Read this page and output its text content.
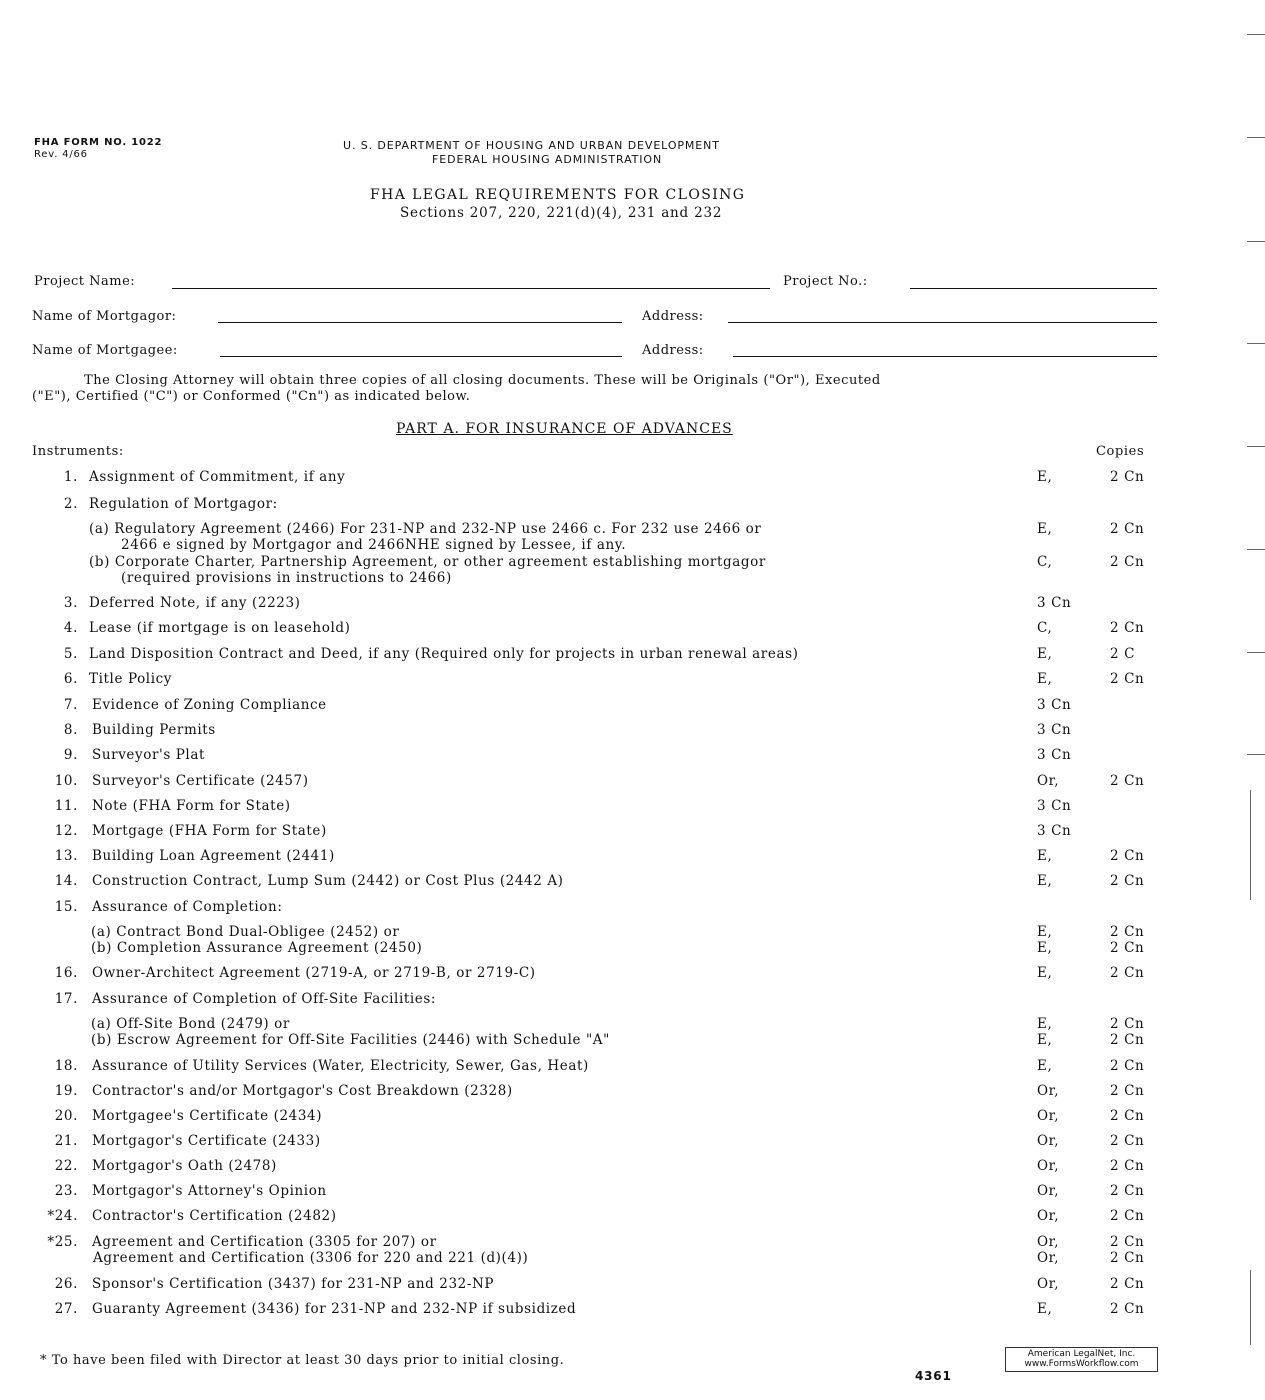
FHA FORM NO. 1022
Rev. 4/66
U. S. DEPARTMENT OF HOUSING AND URBAN DEVELOPMENT
FEDERAL HOUSING ADMINISTRATION
FHA LEGAL REQUIREMENTS FOR CLOSING
Sections 207, 220, 221(d)(4), 231 and 232
Project Name:	Project No.:
Name of Mortgagor:	Address:
Name of Mortgagee:	Address:
The Closing Attorney will obtain three copies of all closing documents. These will be Originals ("Or"), Executed
("E"), Certified ("C") or Conformed ("Cn") as indicated below.
PART A. FOR INSURANCE OF ADVANCES
Instruments:	Copies
1. Assignment of Commitment, if any	E,	2 Cn
2. Regulation of Mortgagor:
(a) Regulatory Agreement (2466) For 231-NP and 232-NP use 2466 c. For 232 use 2466 or
2466 e signed by Mortgagor and 2466NHE signed by Lessee, if any.
E,	2 Cn
(b) Corporate Charter, Partnership Agreement, or other agreement establishing mortgagor
(required provisions in instructions to 2466)
C,	2 Cn
3. Deferred Note, if any (2223)	3 Cn
4. Lease (if mortgage is on leasehold)	C,	2 Cn
5. Land Disposition Contract and Deed, if any (Required only for projects in urban renewal areas)	E,	2 C
6. Title Policy	E,	2 Cn
7. Evidence of Zoning Compliance	3 Cn
8. Building Permits	3 Cn
9. Surveyor's Plat	3 Cn
10. Surveyor's Certificate (2457)	Or,	2 Cn
11. Note (FHA Form for State)	3 Cn
12. Mortgage (FHA Form for State)	3 Cn
13. Building Loan Agreement (2441)	E,	2 Cn
14. Construction Contract, Lump Sum (2442) or Cost Plus (2442 A)	E,	2 Cn
15. Assurance of Completion:
(a) Contract Bond Dual-Obligee (2452) or	E,	2 Cn
(b) Completion Assurance Agreement (2450)	E,	2 Cn
16. Owner-Architect Agreement (2719-A, or 2719-B, or 2719-C)	E,	2 Cn
17. Assurance of Completion of Off-Site Facilities:
(a) Off-Site Bond (2479) or	E,	2 Cn
(b) Escrow Agreement for Off-Site Facilities (2446) with Schedule "A"	E,	2 Cn
18. Assurance of Utility Services (Water, Electricity, Sewer, Gas, Heat)	E,	2 Cn
19. Contractor's and/or Mortgagor's Cost Breakdown (2328)	Or,	2 Cn
20. Mortgagee's Certificate (2434)	Or,	2 Cn
21. Mortgagor's Certificate (2433)	Or,	2 Cn
22. Mortgagor's Oath (2478)	Or,	2 Cn
23. Mortgagor's Attorney's Opinion	Or,	2 Cn
*24. Contractor's Certification (2482)	Or,	2 Cn
*25. Agreement and Certification (3305 for 207) or	Or,	2 Cn
Agreement and Certification (3306 for 220 and 221 (d)(4))	Or,	2 Cn
26. Sponsor's Certification (3437) for 231-NP and 232-NP	Or,	2 Cn
27. Guaranty Agreement (3436) for 231-NP and 232-NP if subsidized	E,	2 Cn
* To have been filed with Director at least 30 days prior to initial closing.
4361
American LegalNet, Inc.
www.FormsWorkflow.com
